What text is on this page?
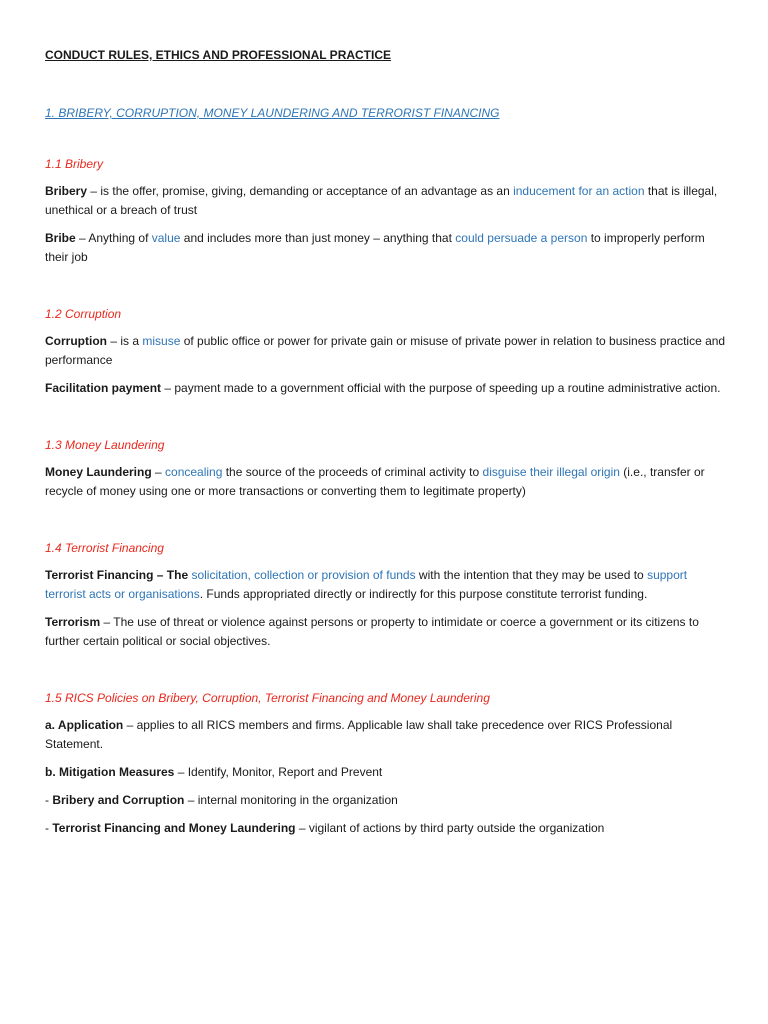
CONDUCT RULES, ETHICS AND PROFESSIONAL PRACTICE

1. BRIBERY, CORRUPTION, MONEY LAUNDERING AND TERRORIST FINANCING

1.1 Bribery

Bribery – is the offer, promise, giving, demanding or acceptance of an advantage as an inducement for an action that is illegal, unethical or a breach of trust

Bribe – Anything of value and includes more than just money – anything that could persuade a person to improperly perform their job

1.2 Corruption

Corruption – is a misuse of public office or power for private gain or misuse of private power in relation to business practice and performance

Facilitation payment – payment made to a government official with the purpose of speeding up a routine administrative action.

1.3 Money Laundering

Money Laundering – concealing the source of the proceeds of criminal activity to disguise their illegal origin (i.e., transfer or recycle of money using one or more transactions or converting them to legitimate property)

1.4 Terrorist Financing

Terrorist Financing – The solicitation, collection or provision of funds with the intention that they may be used to support terrorist acts or organisations. Funds appropriated directly or indirectly for this purpose constitute terrorist funding.

Terrorism – The use of threat or violence against persons or property to intimidate or coerce a government or its citizens to further certain political or social objectives.

1.5 RICS Policies on Bribery, Corruption, Terrorist Financing and Money Laundering

a. Application – applies to all RICS members and firms. Applicable law shall take precedence over RICS Professional Statement.

b. Mitigation Measures – Identify, Monitor, Report and Prevent

- Bribery and Corruption – internal monitoring in the organization

- Terrorist Financing and Money Laundering – vigilant of actions by third party outside the organization
